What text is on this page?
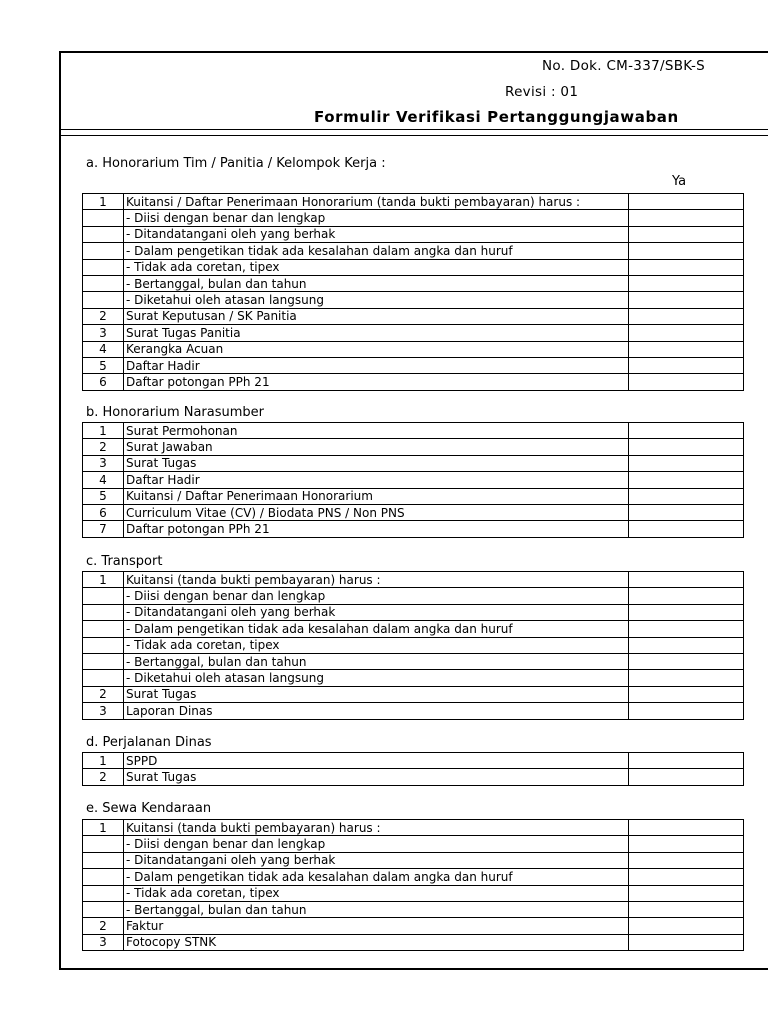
No. Dok. CM-337/SBK-S
Revisi : 01
Formulir Verifikasi Pertanggungjawaban
a. Honorarium Tim / Panitia / Kelompok Kerja :
Ya
1	Kuitansi / Daftar Penerimaan Honorarium (tanda bukti pembayaran) harus :	
	- Diisi dengan benar dan lengkap	
	- Ditandatangani oleh yang berhak	
	- Dalam pengetikan tidak ada kesalahan dalam angka dan huruf	
	- Tidak ada coretan, tipex	
	- Bertanggal, bulan dan tahun	
	- Diketahui oleh atasan langsung	
2	Surat Keputusan / SK Panitia	
3	Surat Tugas Panitia	
4	Kerangka Acuan	
5	Daftar Hadir	
6	Daftar potongan PPh 21	
b. Honorarium Narasumber
1	Surat Permohonan	
2	Surat Jawaban	
3	Surat Tugas	
4	Daftar Hadir	
5	Kuitansi / Daftar Penerimaan Honorarium	
6	Curriculum Vitae (CV) / Biodata PNS / Non PNS	
7	Daftar potongan PPh 21	
c. Transport
1	Kuitansi (tanda bukti pembayaran) harus :	
	- Diisi dengan benar dan lengkap	
	- Ditandatangani oleh yang berhak	
	- Dalam pengetikan tidak ada kesalahan dalam angka dan huruf	
	- Tidak ada coretan, tipex	
	- Bertanggal, bulan dan tahun	
	- Diketahui oleh atasan langsung	
2	Surat Tugas	
3	Laporan Dinas	
d. Perjalanan Dinas
1	SPPD	
2	Surat Tugas	
e. Sewa Kendaraan
1	Kuitansi (tanda bukti pembayaran) harus :	
	- Diisi dengan benar dan lengkap	
	- Ditandatangani oleh yang berhak	
	- Dalam pengetikan tidak ada kesalahan dalam angka dan huruf	
	- Tidak ada coretan, tipex	
	- Bertanggal, bulan dan tahun	
2	Faktur	
3	Fotocopy STNK	
